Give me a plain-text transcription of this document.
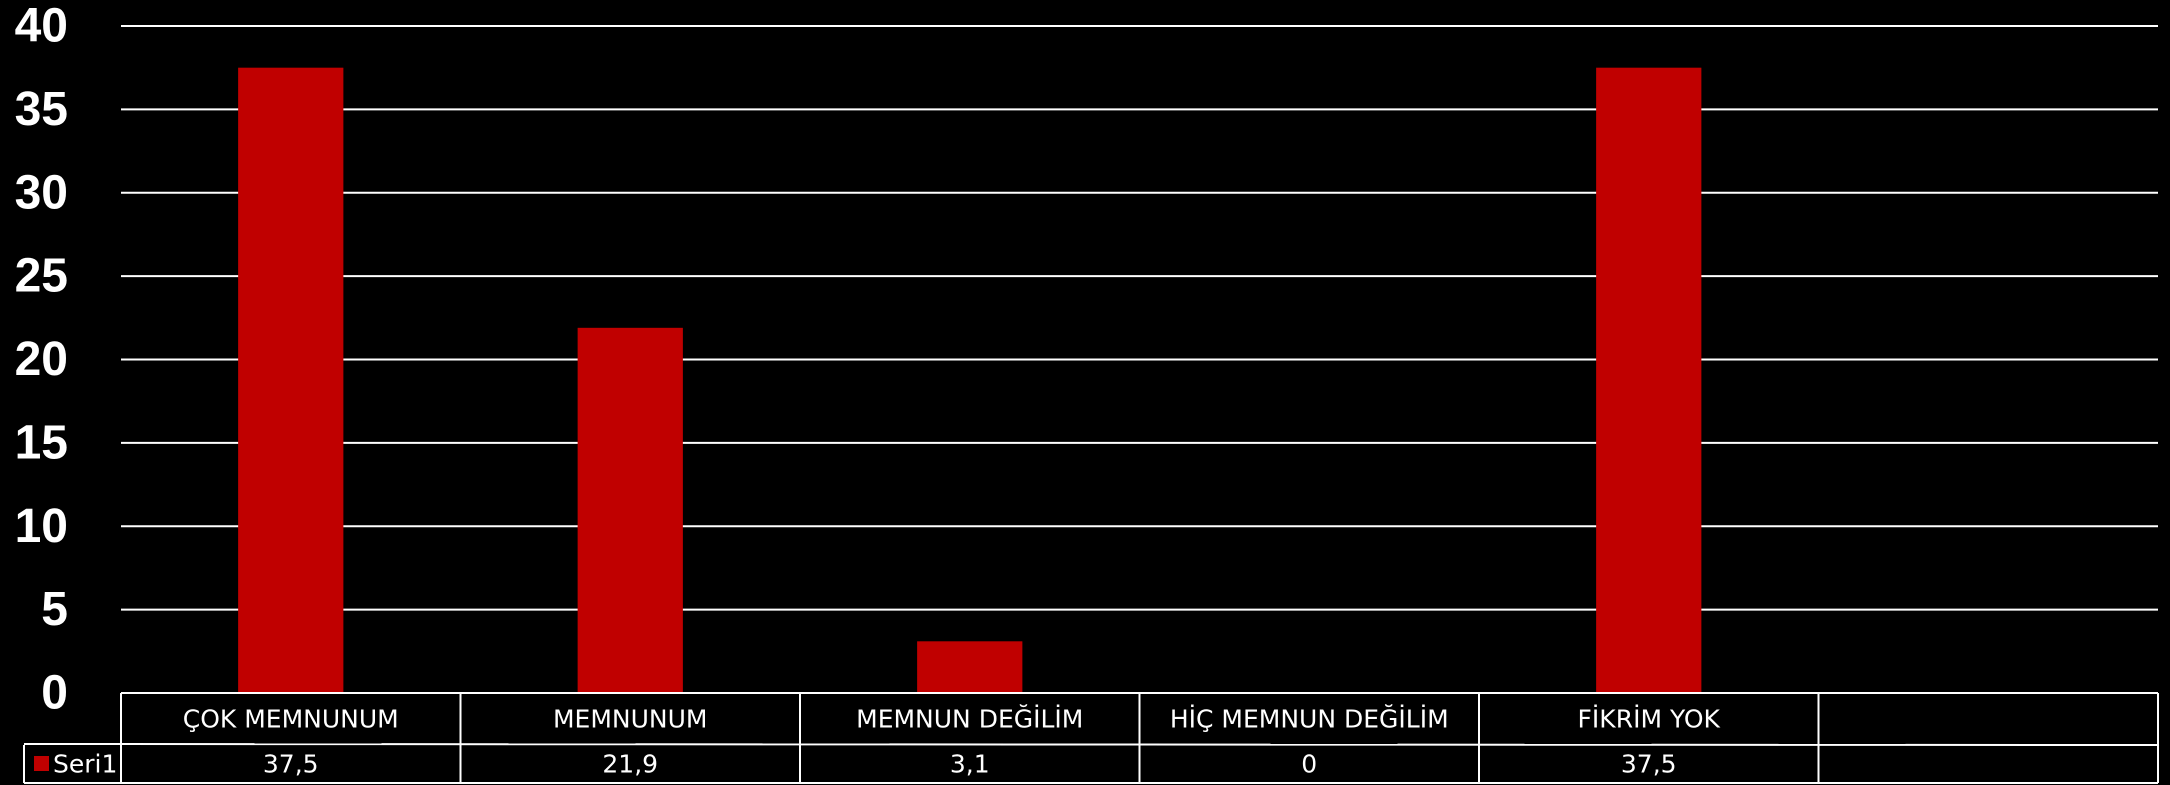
0
5
10
15
20
25
30
35
40
ÇOK MEMNUNUM
37,5
MEMNUNUM
21,9
MEMNUN DEĞİLİM
3,1
HİÇ MEMNUN DEĞİLİM
0
FİKRİM YOK
37,5
Seri1
